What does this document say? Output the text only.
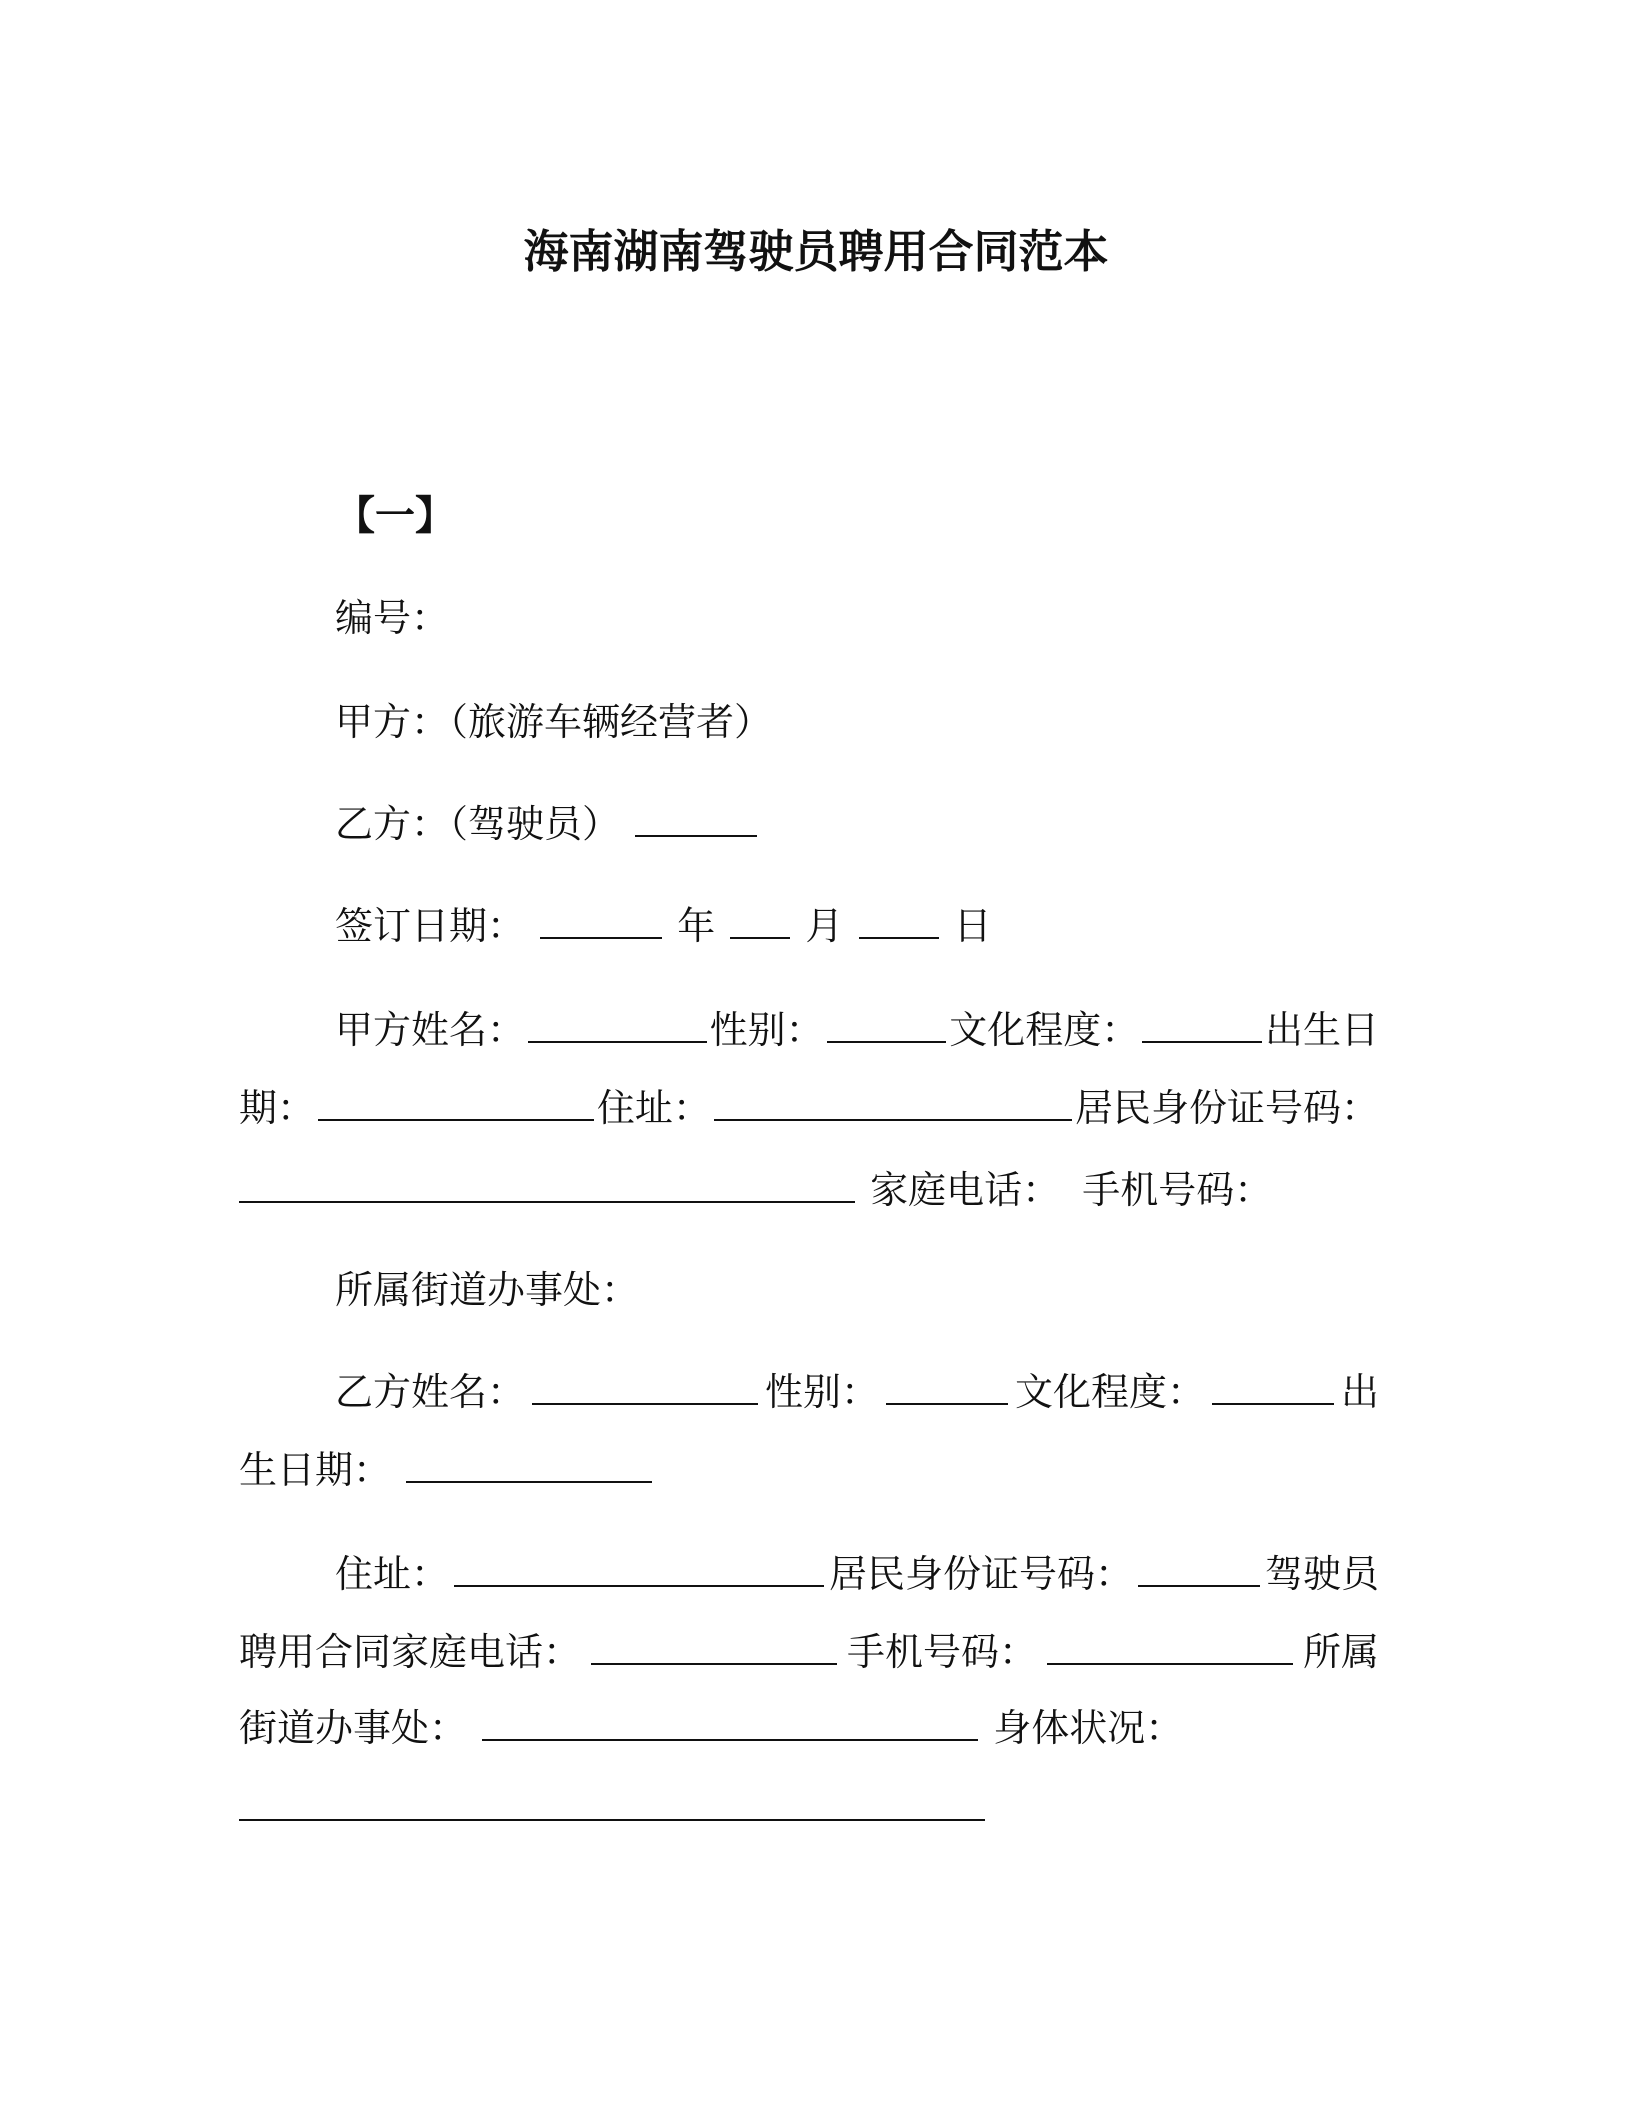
海南湖南驾驶员聘用合同范本
【一】
编号：
甲方：（旅游车辆经营者）
乙方：（驾驶员）
签订日期：	年 月	日
甲方姓名：	性别：	文化程度：	出生日
期：	住址：	居民身份证号码：
家庭电话： 手机号码：
所属街道办事处：
乙方姓名：	性别：	文化程度：	出
生日期：
住址：	居民身份证号码：	驾驶员
聘用合同家庭电话：	手机号码：	所属
街道办事处：	身体状况：
